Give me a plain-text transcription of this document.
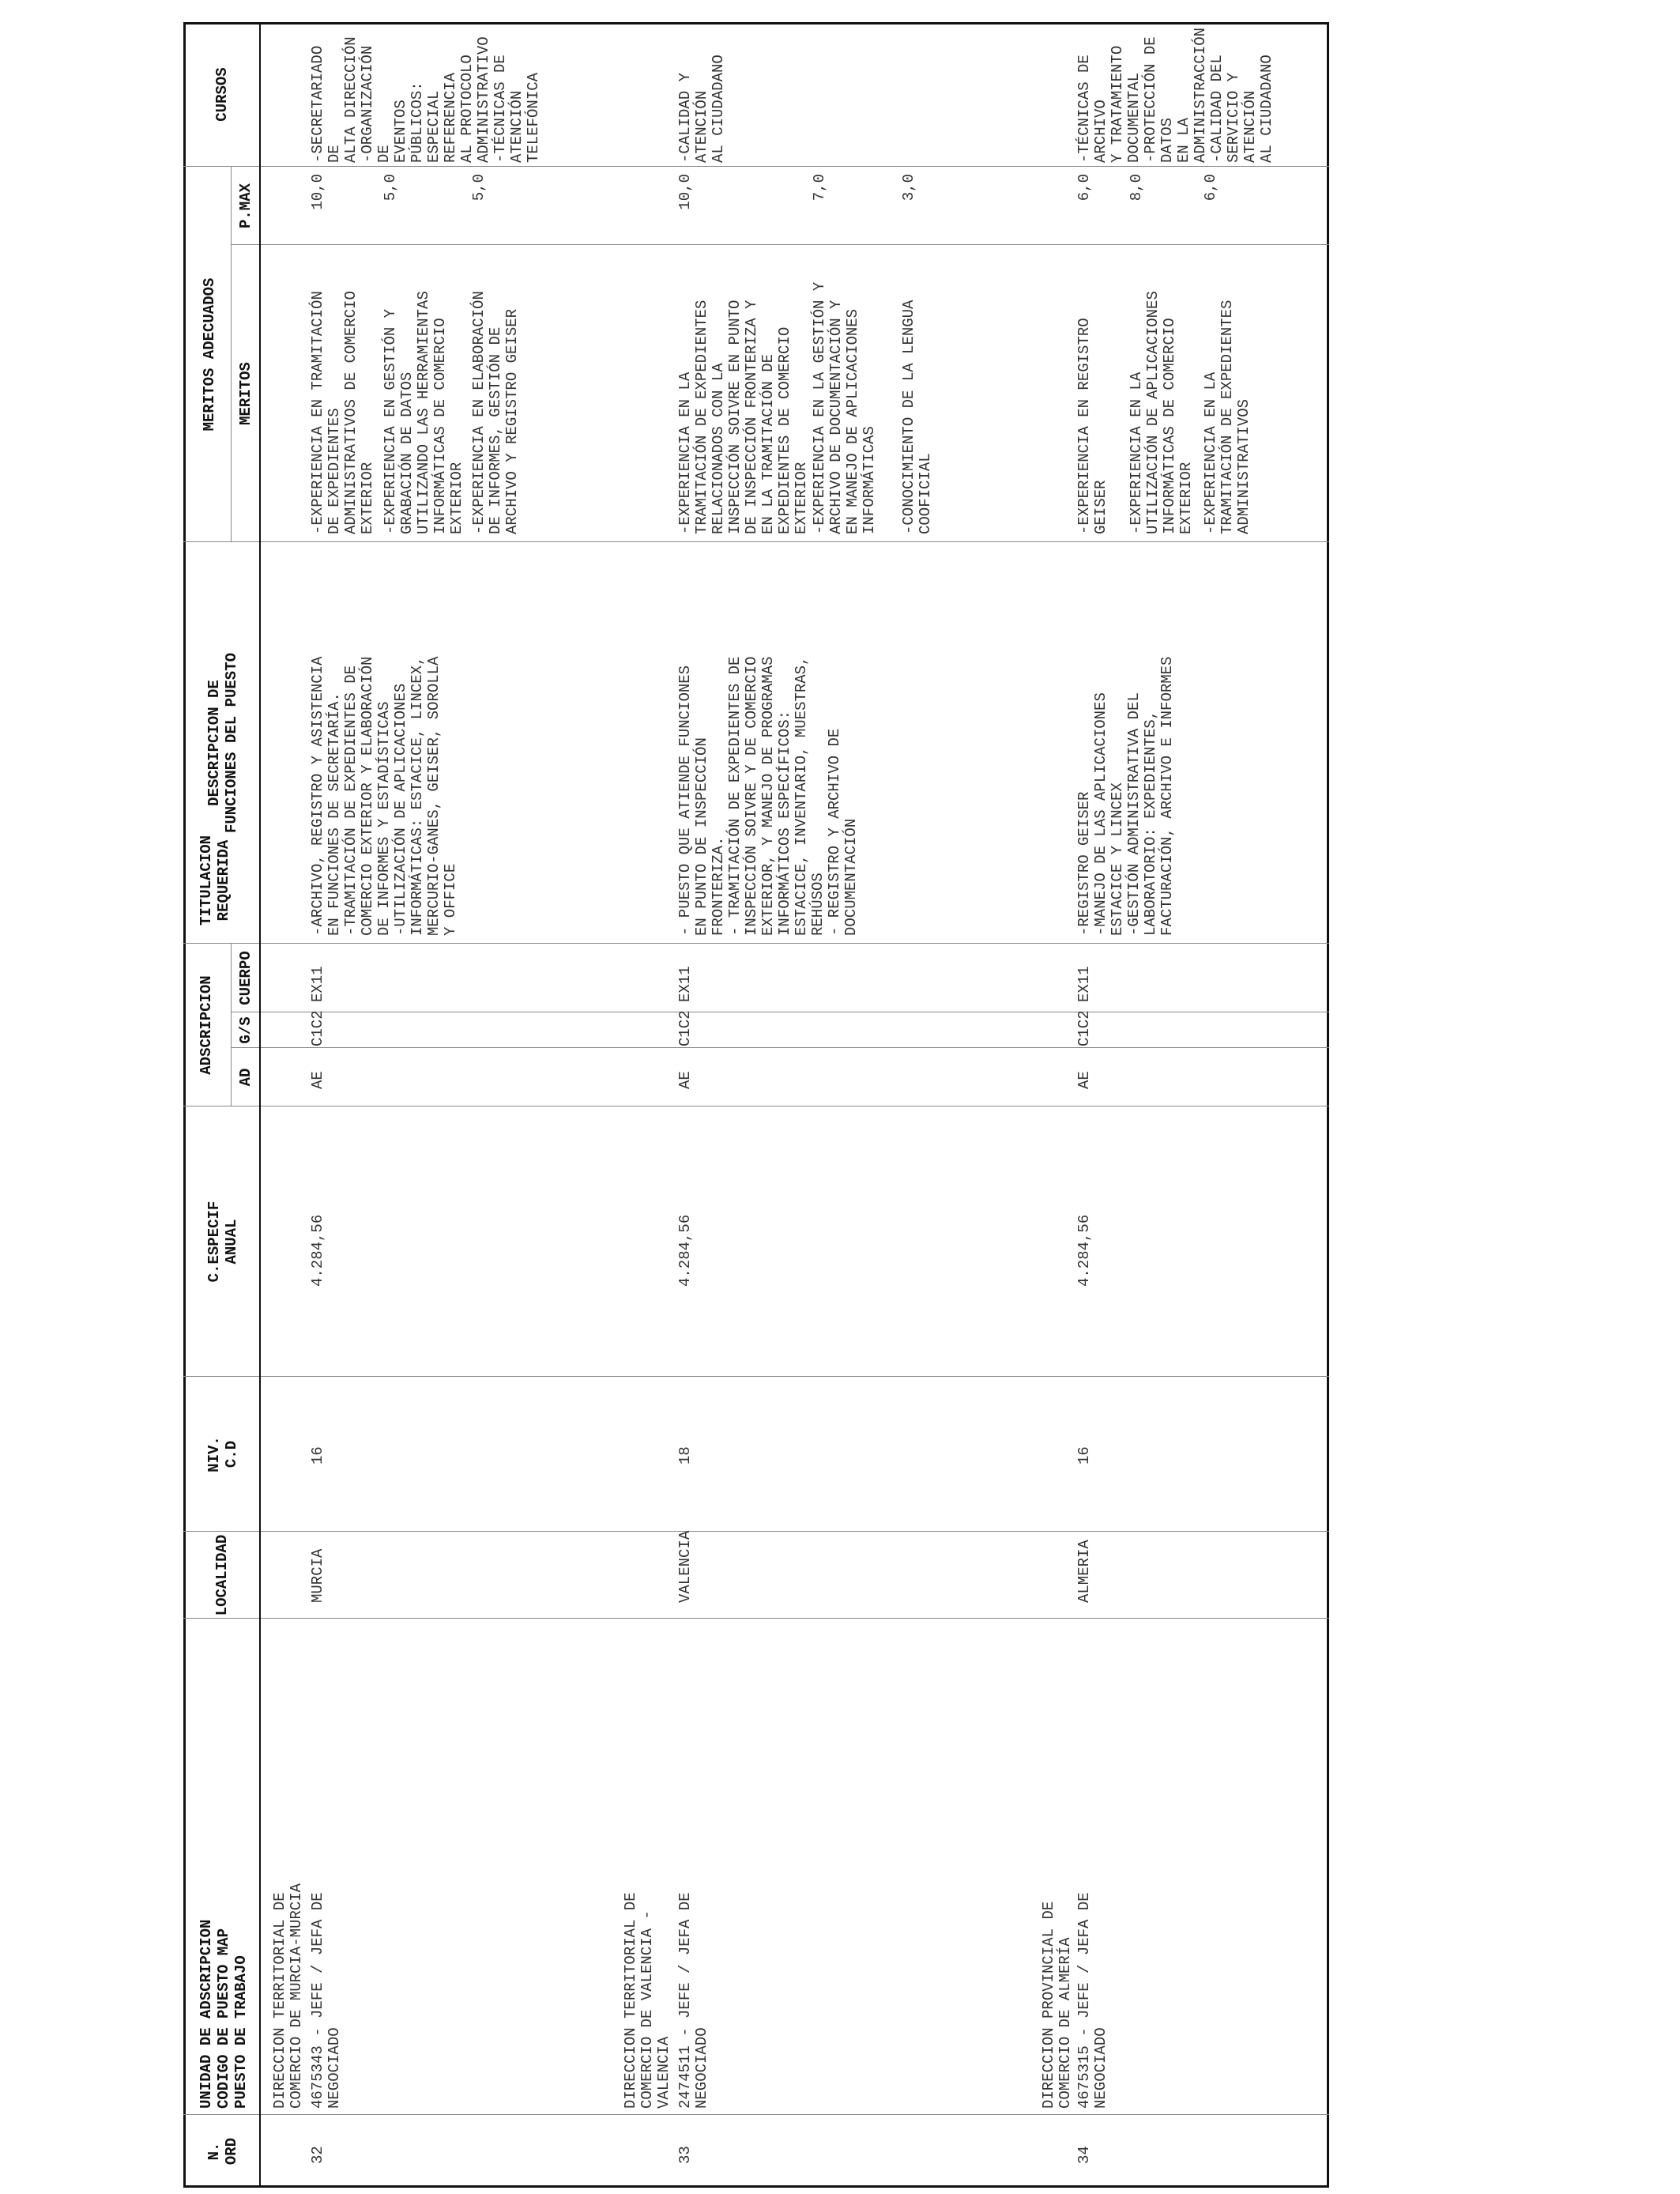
N. ORD
UNIDAD DE ADSCRIPCION CODIGO DE PUESTO MAP PUESTO DE TRABAJO
LOCALIDAD
NIV. C.D
C.ESPECIF ANUAL
ADSCRIPCION
AD
G/S
CUERPO
TITULACION REQUERIDA
DESCRIPCION DE FUNCIONES DEL PUESTO
MERITOS ADECUADOS MERITOS
P.MAX
CURSOS
DIRECCION TERRITORIAL DE
COMERCIO DE MURCIA-MURCIA
32
4675343 - JEFE / JEFA DE
NEGOCIADO
MURCIA
16
4.284,56
AE
C1C2
EX11
-ARCHIVO, REGISTRO Y ASISTENCIA
EN FUNCIONES DE SECRETARÍA.
-TRAMITACIÓN DE EXPEDIENTES DE
COMERCIO EXTERIOR Y ELABORACIÓN
DE INFORMES Y ESTADÍSTICAS
-UTILIZACIÓN DE APLICACIONES
INFORMÁTICAS: ESTACICE, LINCEX,
MERCURIO-GANES, GEISER, SOROLLA
Y OFFICE
-EXPERIENCIA EN TRAMITACIÓN
DE EXPEDIENTES
ADMINISTRATIVOS DE COMERCIO
EXTERIOR
10,0
-EXPERIENCIA EN GESTIÓN Y
GRABACIÓN DE DATOS
UTILIZANDO LAS HERRAMIENTAS
INFORMÁTICAS DE COMERCIO
EXTERIOR
5,0
-EXPERIENCIA EN ELABORACIÓN
DE INFORMES, GESTIÓN DE
ARCHIVO Y REGISTRO GEISER
5,0
-SECRETARIADO DE
ALTA DIRECCIÓN
-ORGANIZACIÓN DE
EVENTOS PÚBLICOS:
ESPECIAL REFERENCIA
AL PROTOCOLO
ADMINISTRATIVO
-TÉCNICAS DE
ATENCIÓN TELEFÓNICA
DIRECCION TERRITORIAL DE
COMERCIO DE VALENCIA -
VALENCIA
33
2474511 - JEFE / JEFA DE
NEGOCIADO
VALENCIA
18
4.284,56
AE
C1C2
EX11
- PUESTO QUE ATIENDE FUNCIONES
EN PUNTO DE INSPECCIÓN
FRONTERIZA.
- TRAMITACIÓN DE EXPEDIENTES DE
INSPECCIÓN SOIVRE Y DE COMERCIO
EXTERIOR, Y MANEJO DE PROGRAMAS
INFORMÁTICOS ESPECÍFICOS:
ESTACICE, INVENTARIO, MUESTRAS,
REHÚSOS
- REGISTRO Y ARCHIVO DE
DOCUMENTACIÓN
-EXPERIENCIA EN LA
TRAMITACIÓN DE EXPEDIENTES
RELACIONADOS CON LA
INSPECCIÓN SOIVRE EN PUNTO
DE INSPECCIÓN FRONTERIZA Y
EN LA TRAMITACIÓN DE
EXPEDIENTES DE COMERCIO
EXTERIOR
10,0
-EXPERIENCIA EN LA GESTIÓN Y
ARCHIVO DE DOCUMENTACIÓN Y
EN MANEJO DE APLICACIONES
INFORMÁTICAS
7,0
-CONOCIMIENTO DE LA LENGUA
COOFICIAL
3,0
-CALIDAD Y ATENCIÓN
AL CIUDADANO
DIRECCION PROVINCIAL DE
COMERCIO DE ALMERÍA
34
4675315 - JEFE / JEFA DE
NEGOCIADO
ALMERIA
16
4.284,56
AE
C1C2
EX11
-REGISTRO GEISER
-MANEJO DE LAS APLICACIONES
ESTACICE Y LINCEX
-GESTIÓN ADMINISTRATIVA DEL
LABORATORIO: EXPEDIENTES,
FACTURACIÓN, ARCHIVO E INFORMES
-EXPERIENCIA EN REGISTRO
GEISER
6,0
-EXPERIENCIA EN LA
UTILIZACIÓN DE APLICACIONES
INFORMÁTICAS DE COMERCIO
EXTERIOR
8,0
-EXPERIENCIA EN LA
TRAMITACIÓN DE EXPEDIENTES
ADMINISTRATIVOS
6,0
-TÉCNICAS DE ARCHIVO
Y TRATAMIENTO
DOCUMENTAL
-PROTECCIÓN DE DATOS
EN LA
ADMINISTRACCIÓN
-CALIDAD DEL
SERVICIO Y ATENCIÓN
AL CIUDADANO
